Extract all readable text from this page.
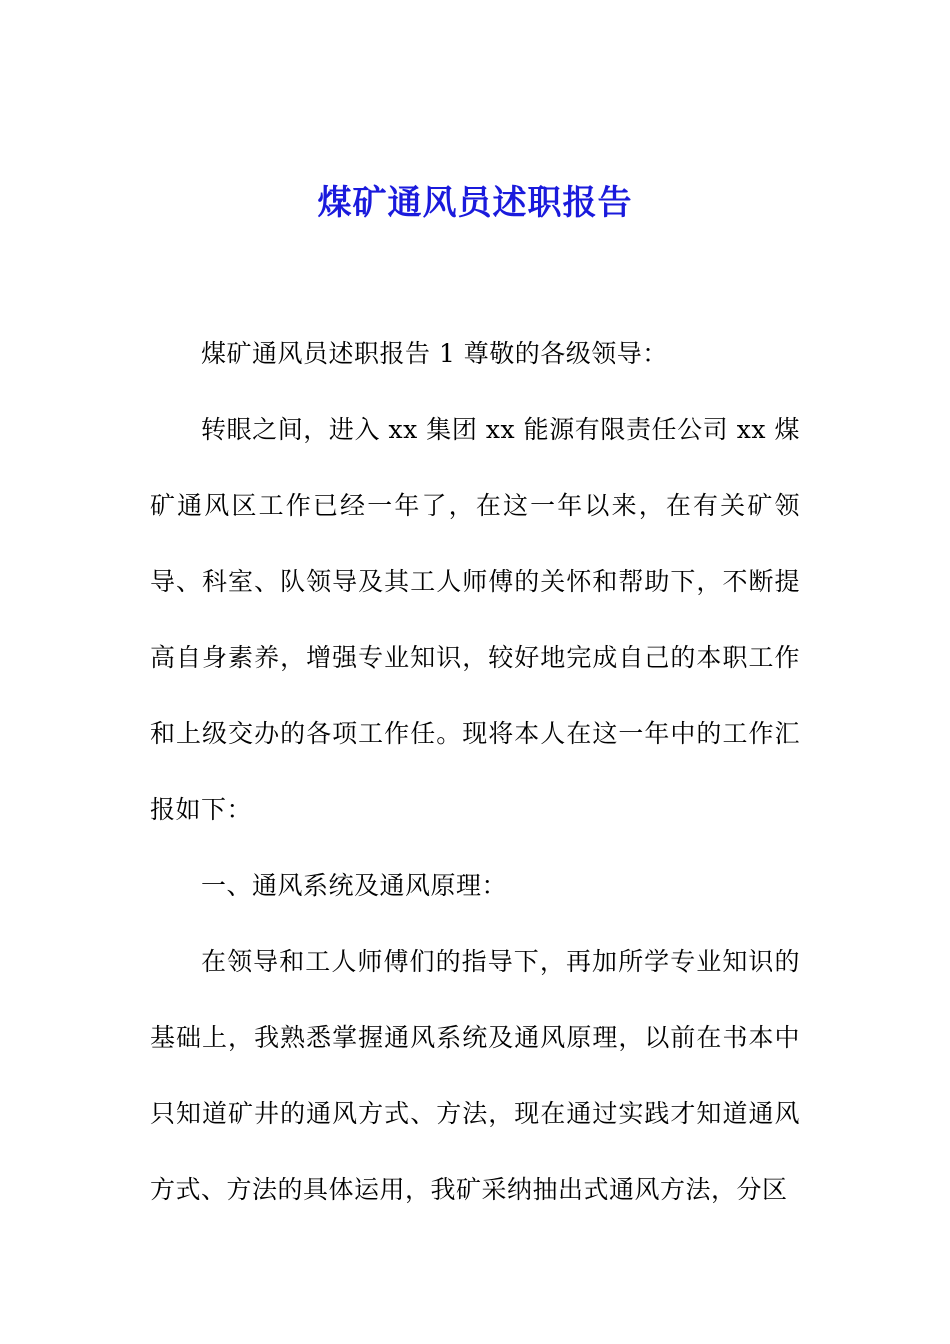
煤矿通风员述职报告

煤矿通风员述职报告 1 尊敬的各级领导：

转眼之间，进入 xx 集团 xx 能源有限责任公司 xx 煤矿通风区工作已经一年了，在这一年以来，在有关矿领导、科室、队领导及其工人师傅的关怀和帮助下，不断提高自身素养，增强专业知识，较好地完成自己的本职工作和上级交办的各项工作任。现将本人在这一年中的工作汇报如下：

一、通风系统及通风原理：

在领导和工人师傅们的指导下，再加所学专业知识的基础上，我熟悉掌握通风系统及通风原理，以前在书本中只知道矿井的通风方式、方法，现在通过实践才知道通风方式、方法的具体运用，我矿采纳抽出式通风方法，分区
